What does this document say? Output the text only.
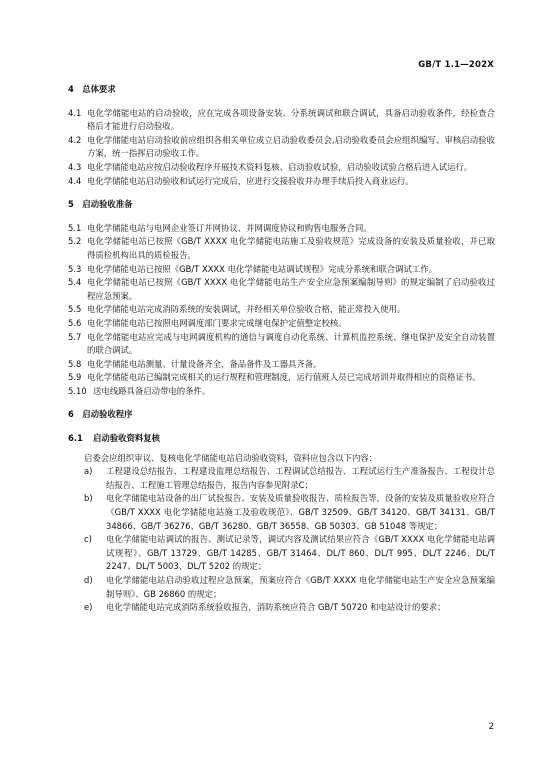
GB/T 1.1—202X

4　总体要求

4.1 电化学储能电站的启动验收，应在完成各项设备安装、分系统调试和联合调试，具备启动验收条件，经检查合格后才能进行启动验收。
4.2 电化学储能电站启动验收前应组织各相关单位成立启动验收委员会,启动验收委员会应组织编写、审核启动验收方案，统一指挥启动验收工作。
4.3 电化学储能电站应按启动验收程序开展技术资料复核、启动验收试验，启动验收试验合格后进入试运行。
4.4 电化学储能电站启动验收和试运行完成后，应进行交接验收并办理手续后投入商业运行。

5　启动验收准备

5.1 电化学储能电站与电网企业签订并网协议、并网调度协议和购售电服务合同。
5.2 电化学储能电站已按照《GB/T XXXX 电化学储能电站施工及验收规范》完成设备的安装及质量验收，并已取得质检机构出具的质检报告。
5.3 电化学储能电站已按照《GB/T XXXX 电化学储能电站调试规程》完成分系统和联合调试工作。
5.4 电化学储能电站已按照《GB/T XXXX 电化学储能电站生产安全应急预案编制导则》的规定编制了启动验收过程应急预案。
5.5 电化学储能电站完成消防系统的安装调试，并经相关单位验收合格，能正常投入使用。
5.6 电化学储能电站已按照电网调度部门要求完成继电保护定值整定校核。
5.7 电化学储能电站应完成与电网调度机构的通信与调度自动化系统、计算机监控系统、继电保护及安全自动装置的联合调试。
5.8 电化学储能电站测量、计量设备齐全，备品备件及工器具齐备。
5.9 电化学储能电站已编制完成相关的运行规程和管理制度，运行值班人员已完成培训并取得相应的资格证书。
5.10 送电线路具备启动带电的条件。

6　启动验收程序

6.1	启动验收资料复核

启委会应组织审议、复核电化学储能电站启动验收资料，资料应包含以下内容：

a)	工程建设总结报告、工程建设监理总结报告、工程调试总结报告、工程试运行生产准备报告、工程设计总结报告、工程施工管理总结报告，报告内容参见附录C；
b)	电化学储能电站设备的出厂试验报告、安装及质量验收报告、质检报告等，设备的安装及质量验收应符合《GB/T XXXX 电化学储能电站施工及验收规范》、GB/T 32509、GB/T 34120、GB/T 34131、GB/T 34866、GB/T 36276、GB/T 36280、GB/T 36558、GB 50303、GB 51048 等规定；
c)	电化学储能电站调试的报告、测试记录等，调试内容及测试结果应符合《GB/T XXXX 电化学储能电站调试规程》、GB/T 13729、GB/T 14285、GB/T 31464、DL/T 860、DL/T 995、DL/T 2246、DL/T 2247、DL/T 5003、DL/T 5202 的规定；
d)	电化学储能电站启动验收过程应急预案，预案应符合《GB/T XXXX 电化学储能电站生产安全应急预案编制导则》、GB 26860 的规定；
e)	电化学储能电站完成消防系统验收报告，消防系统应符合 GB/T 50720 和电站设计的要求；
2
